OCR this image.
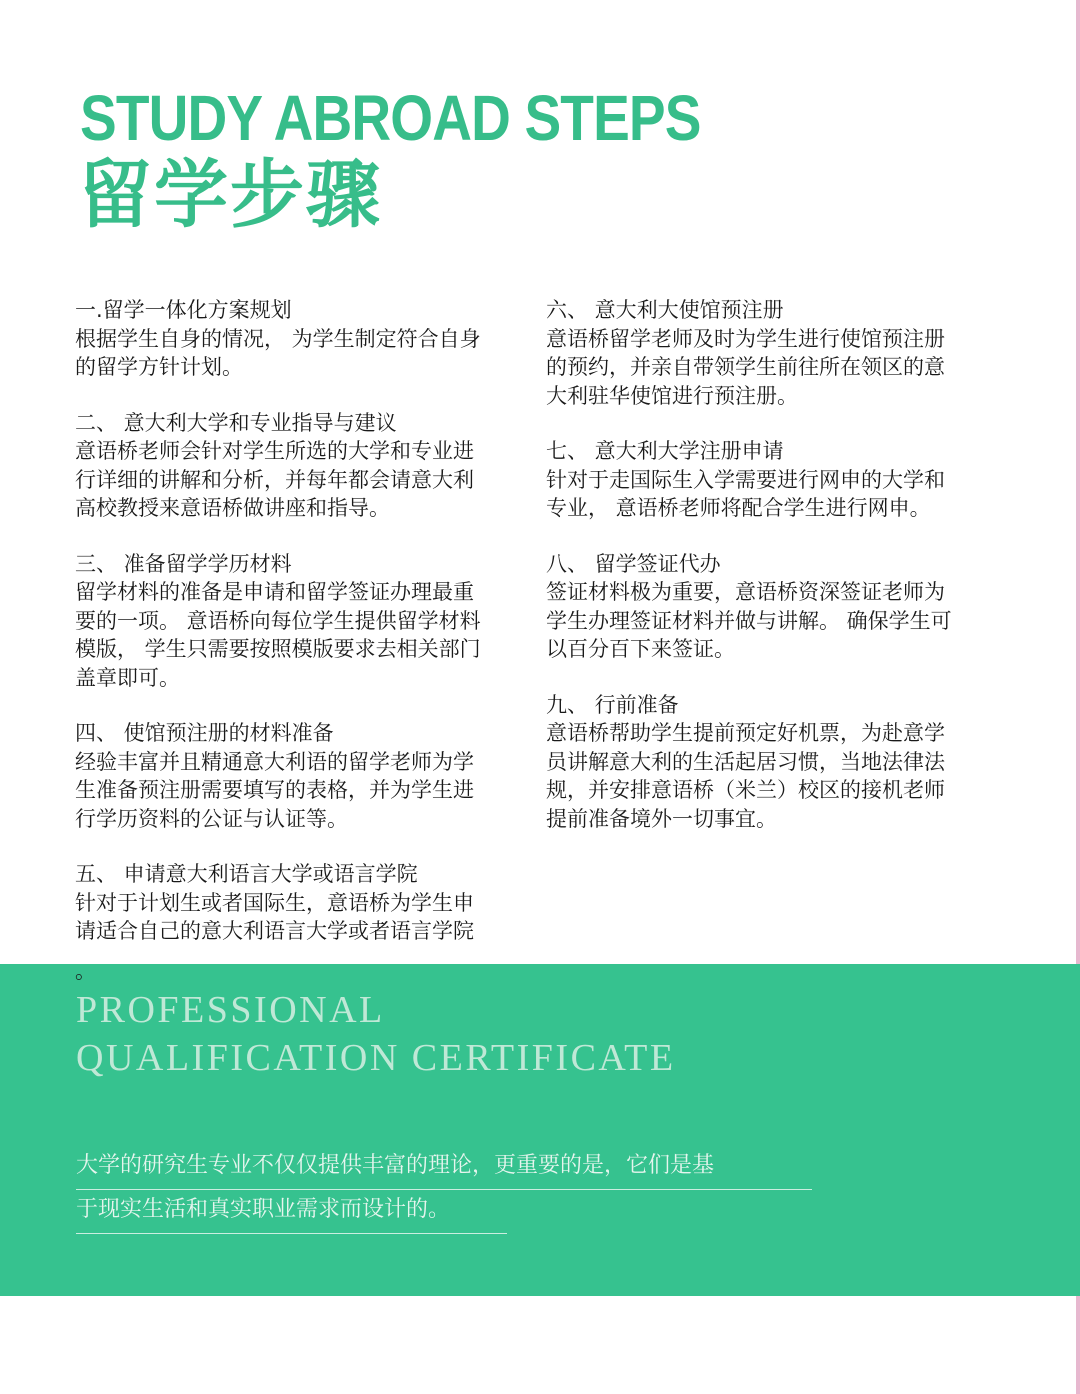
STUDY ABROAD STEPS
留学步骤
一.留学一体化方案规划
根据学生自身的情况， 为学生制定符合自身
的留学方针计划。
二、 意大利大学和专业指导与建议
意语桥老师会针对学生所选的大学和专业进
行详细的讲解和分析，并每年都会请意大利
高校教授来意语桥做讲座和指导。
三、 准备留学学历材料
留学材料的准备是申请和留学签证办理最重
要的一项。 意语桥向每位学生提供留学材料
模版， 学生只需要按照模版要求去相关部门
盖章即可。
四、 使馆预注册的材料准备
经验丰富并且精通意大利语的留学老师为学
生准备预注册需要填写的表格，并为学生进
行学历资料的公证与认证等。
五、 申请意大利语言大学或语言学院
针对于计划生或者国际生，意语桥为学生申
请适合自己的意大利语言大学或者语言学院
六、 意大利大使馆预注册
意语桥留学老师及时为学生进行使馆预注册
的预约，并亲自带领学生前往所在领区的意
大利驻华使馆进行预注册。
七、 意大利大学注册申请
针对于走国际生入学需要进行网申的大学和
专业， 意语桥老师将配合学生进行网申。
八、 留学签证代办
签证材料极为重要，意语桥资深签证老师为
学生办理签证材料并做与讲解。 确保学生可
以百分百下来签证。
九、 行前准备
意语桥帮助学生提前预定好机票，为赴意学
员讲解意大利的生活起居习惯，当地法律法
规，并安排意语桥（米兰）校区的接机老师
提前准备境外一切事宜。
。
PROFESSIONAL
QUALIFICATION CERTIFICATE
大学的研究生专业不仅仅提供丰富的理论，更重要的是，它们是基
于现实生活和真实职业需求而设计的。
